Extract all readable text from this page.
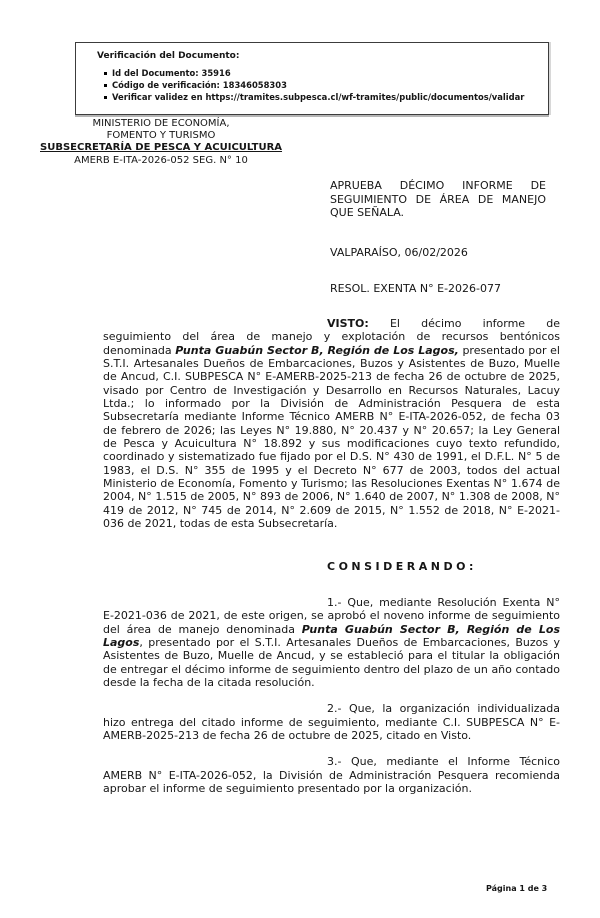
Verificación del Documento:
Id del Documento: 35916
Código de verificación: 18346058303
Verificar validez en https://tramites.subpesca.cl/wf-tramites/public/documentos/validar
MINISTERIO DE ECONOMÍA,
FOMENTO Y TURISMO
SUBSECRETARÍA DE PESCA Y ACUICULTURA
AMERB E-ITA-2026-052 SEG. N° 10
APRUEBA DÉCIMO INFORME DE
SEGUIMIENTO DE ÁREA DE MANEJO
QUE SEÑALA.
VALPARAÍSO, 06/02/2026
RESOL. EXENTA N° E-2026-077

VISTO: El décimo informe de seguimiento del área de manejo y explotación de recursos bentónicos denominada Punta Guabún Sector B, Región de Los Lagos, presentado por el S.T.I. Artesanales Dueños de Embarcaciones, Buzos y Asistentes de Buzo, Muelle de Ancud, C.I. SUBPESCA N° E-AMERB-2025-213 de fecha 26 de octubre de 2025, visado por Centro de Investigación y Desarrollo en Recursos Naturales, Lacuy Ltda.; lo informado por la División de Administración Pesquera de esta Subsecretaría mediante Informe Técnico AMERB N° E-ITA-2026-052, de fecha 03 de febrero de 2026; las Leyes N° 19.880, N° 20.437 y N° 20.657; la Ley General de Pesca y Acuicultura N° 18.892 y sus modificaciones cuyo texto refundido, coordinado y sistematizado fue fijado por el D.S. N° 430 de 1991, el D.F.L. N° 5 de 1983, el D.S. N° 355 de 1995 y el Decreto N° 677 de 2003, todos del actual Ministerio de Economía, Fomento y Turismo; las Resoluciones Exentas N° 1.674 de 2004, N° 1.515 de 2005, N° 893 de 2006, N° 1.640 de 2007, N° 1.308 de 2008, N° 419 de 2012, N° 745 de 2014, N° 2.609 de 2015, N° 1.552 de 2018, N° E-2021-036 de 2021, todas de esta Subsecretaría.

CONSIDERANDO:

1.- Que, mediante Resolución Exenta N° E-2021-036 de 2021, de este origen, se aprobó el noveno informe de seguimiento del área de manejo denominada Punta Guabún Sector B, Región de Los Lagos, presentado por el S.T.I. Artesanales Dueños de Embarcaciones, Buzos y Asistentes de Buzo, Muelle de Ancud, y se estableció para el titular la obligación de entregar el décimo informe de seguimiento dentro del plazo de un año contado desde la fecha de la citada resolución.

2.- Que, la organización individualizada hizo entrega del citado informe de seguimiento, mediante C.I. SUBPESCA N° E-AMERB-2025-213 de fecha 26 de octubre de 2025, citado en Visto.

3.- Que, mediante el Informe Técnico AMERB N° E-ITA-2026-052, la División de Administración Pesquera recomienda aprobar el informe de seguimiento presentado por la organización.

Página 1 de 3
